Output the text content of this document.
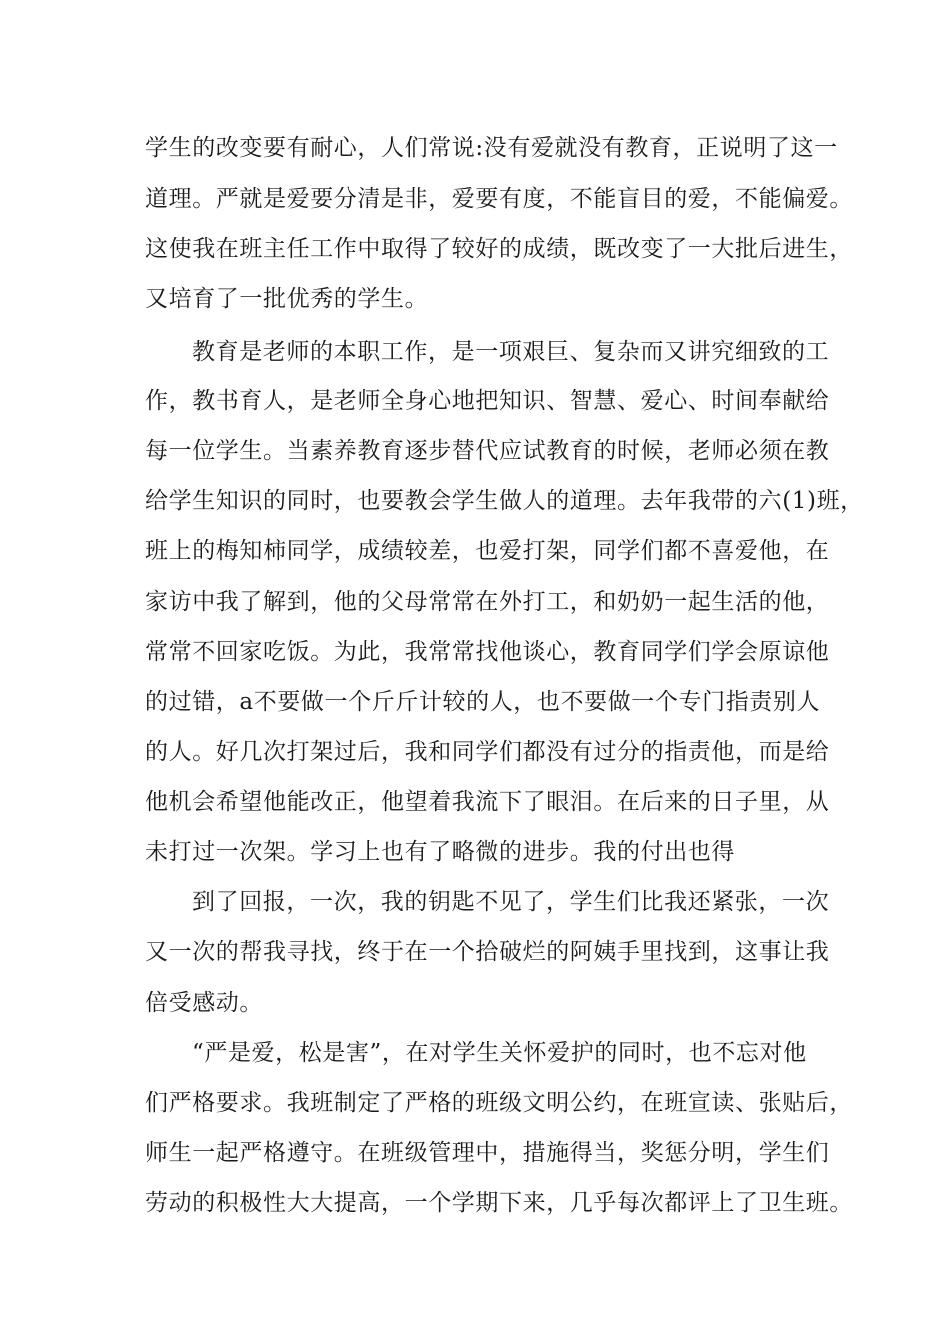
学生的改变要有耐心，人们常说:没有爱就没有教育，正说明了这一
道理。严就是爱要分清是非，爱要有度，不能盲目的爱，不能偏爱。
这使我在班主任工作中取得了较好的成绩，既改变了一大批后进生，
又培育了一批优秀的学生。
教育是老师的本职工作，是一项艰巨、复杂而又讲究细致的工
作，教书育人，是老师全身心地把知识、智慧、爱心、时间奉献给
每一位学生。当素养教育逐步替代应试教育的时候，老师必须在教
给学生知识的同时，也要教会学生做人的道理。去年我带的六(1)班，
班上的梅知柿同学，成绩较差，也爱打架，同学们都不喜爱他，在
家访中我了解到，他的父母常常在外打工，和奶奶一起生活的他，
常常不回家吃饭。为此，我常常找他谈心，教育同学们学会原谅他
的过错，a不要做一个斤斤计较的人，也不要做一个专门指责别人
的人。好几次打架过后，我和同学们都没有过分的指责他，而是给
他机会希望他能改正，他望着我流下了眼泪。在后来的日子里，从
未打过一次架。学习上也有了略微的进步。我的付出也得
到了回报，一次，我的钥匙不见了，学生们比我还紧张，一次
又一次的帮我寻找，终于在一个拾破烂的阿姨手里找到，这事让我
倍受感动。
“严是爱，松是害”，在对学生关怀爱护的同时，也不忘对他
们严格要求。我班制定了严格的班级文明公约，在班宣读、张贴后，
师生一起严格遵守。在班级管理中，措施得当，奖惩分明，学生们
劳动的积极性大大提高，一个学期下来，几乎每次都评上了卫生班。
